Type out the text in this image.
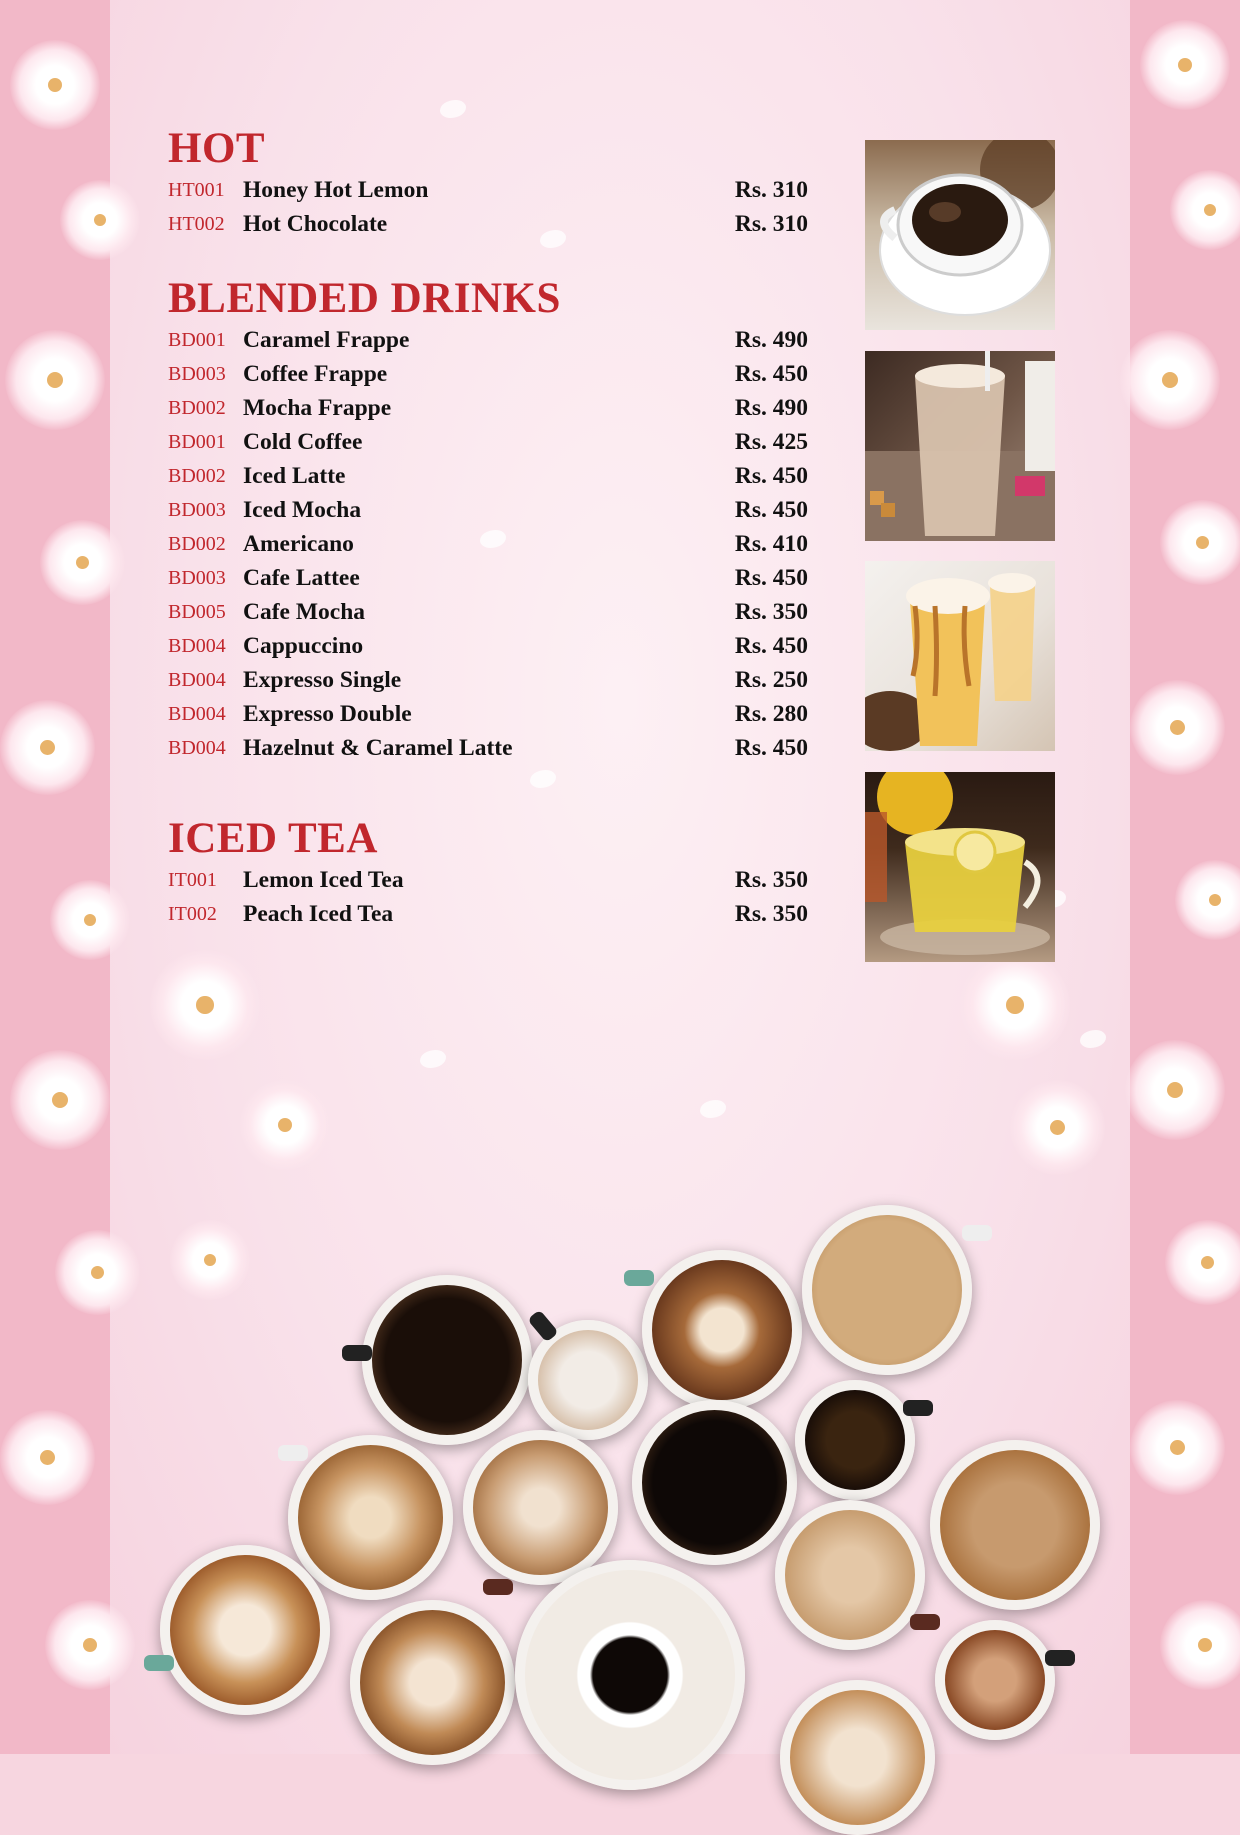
HOT
HT001 Honey Hot Lemon	Rs. 310
HT002 Hot Chocolate	Rs. 310
BLENDED DRINKS
BD001 Caramel Frappe	Rs. 490
BD003 Coffee Frappe	Rs. 450
BD002 Mocha Frappe	Rs. 490
BD001 Cold Coffee	Rs. 425
BD002 Iced Latte	Rs. 450
BD003 Iced Mocha	Rs. 450
BD002 Americano	Rs. 410
BD003 Cafe Lattee	Rs. 450
BD005 Cafe Mocha	Rs. 350
BD004 Cappuccino	Rs. 450
BD004 Expresso Single	Rs. 250
BD004 Expresso Double	Rs. 280
BD004 Hazelnut & Caramel Latte	Rs. 450
ICED TEA
IT001	Lemon Iced Tea	Rs. 350
IT002	Peach Iced Tea	Rs. 350
